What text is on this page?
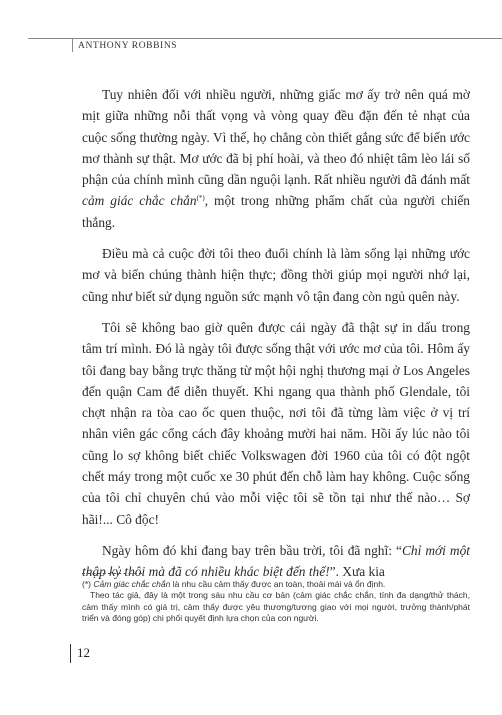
ANTHONY ROBBINS

Tuy nhiên đối với nhiều người, những giấc mơ ấy trở nên quá mờ mịt giữa những nỗi thất vọng và vòng quay đều đặn đến tẻ nhạt của cuộc sống thường ngày. Vì thế, họ chẳng còn thiết gắng sức để biến ước mơ thành sự thật. Mơ ước đã bị phí hoài, và theo đó nhiệt tâm lèo lái số phận của chính mình cũng dần nguội lạnh. Rất nhiều người đã đánh mất cảm giác chắc chắn(*), một trong những phẩm chất của người chiến thắng.

Điều mà cả cuộc đời tôi theo đuổi chính là làm sống lại những ước mơ và biến chúng thành hiện thực; đồng thời giúp mọi người nhớ lại, cũng như biết sử dụng nguồn sức mạnh vô tận đang còn ngủ quên này.

Tôi sẽ không bao giờ quên được cái ngày đã thật sự in dấu trong tâm trí mình. Đó là ngày tôi được sống thật với ước mơ của tôi. Hôm ấy tôi đang bay bằng trực thăng từ một hội nghị thương mại ở Los Angeles đến quận Cam để diễn thuyết. Khi ngang qua thành phố Glendale, tôi chợt nhận ra tòa cao ốc quen thuộc, nơi tôi đã từng làm việc ở vị trí nhân viên gác cổng cách đây khoảng mười hai năm. Hồi ấy lúc nào tôi cũng lo sợ không biết chiếc Volkswagen đời 1960 của tôi có đột ngột chết máy trong một cuốc xe 30 phút đến chỗ làm hay không. Cuộc sống của tôi chỉ chuyên chú vào mỗi việc tôi sẽ tồn tại như thế nào… Sợ hãi!... Cô độc!

Ngày hôm đó khi đang bay trên bầu trời, tôi đã nghĩ: “Chỉ mới một thập kỷ thôi mà đã có nhiều khác biệt đến thế!”. Xưa kia

(*) Cảm giác chắc chắn là nhu cầu cảm thấy được an toàn, thoải mái và ổn định.

Theo tác giả, đây là một trong sáu nhu cầu cơ bản (cảm giác chắc chắn, tính đa dạng/thử thách, cảm thấy mình có giá trị, cảm thấy được yêu thương/tương giao với mọi người, trưởng thành/phát triển và đóng góp) chi phối quyết định lựa chọn của con người.

12
